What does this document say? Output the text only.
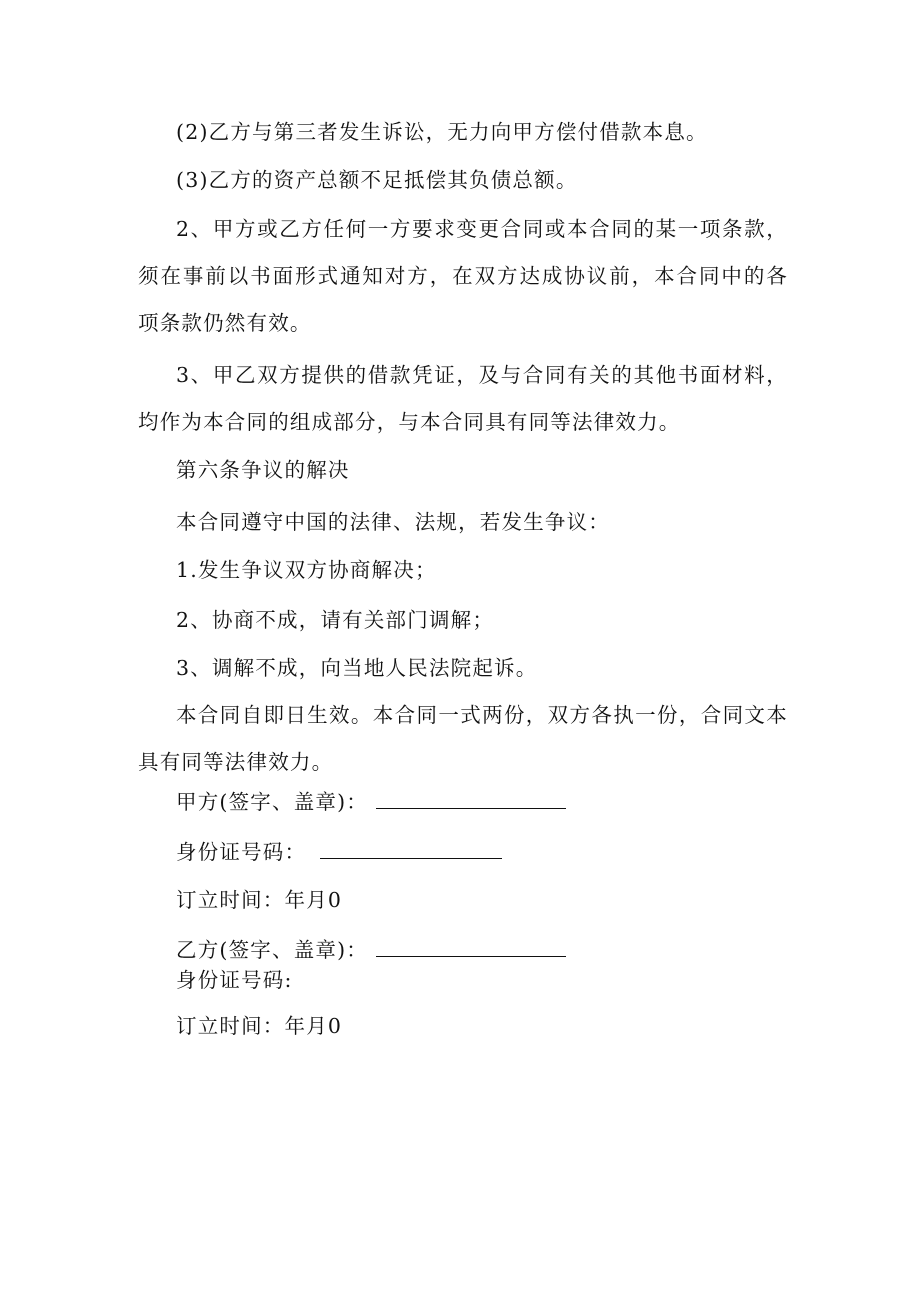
(2)乙方与第三者发生诉讼，无力向甲方偿付借款本息。
(3)乙方的资产总额不足抵偿其负债总额。
2、甲方或乙方任何一方要求变更合同或本合同的某一项条款，须在事前以书面形式通知对方，在双方达成协议前，本合同中的各项条款仍然有效。
3、甲乙双方提供的借款凭证，及与合同有关的其他书面材料，均作为本合同的组成部分，与本合同具有同等法律效力。
第六条争议的解决
本合同遵守中国的法律、法规，若发生争议：
1.发生争议双方协商解决；
2、协商不成，请有关部门调解；
3、调解不成，向当地人民法院起诉。
本合同自即日生效。本合同一式两份，双方各执一份，合同文本具有同等法律效力。
甲方(签字、盖章)：
身份证号码：
订立时间：年月0
乙方(签字、盖章)：
身份证号码:
订立时间：年月0
